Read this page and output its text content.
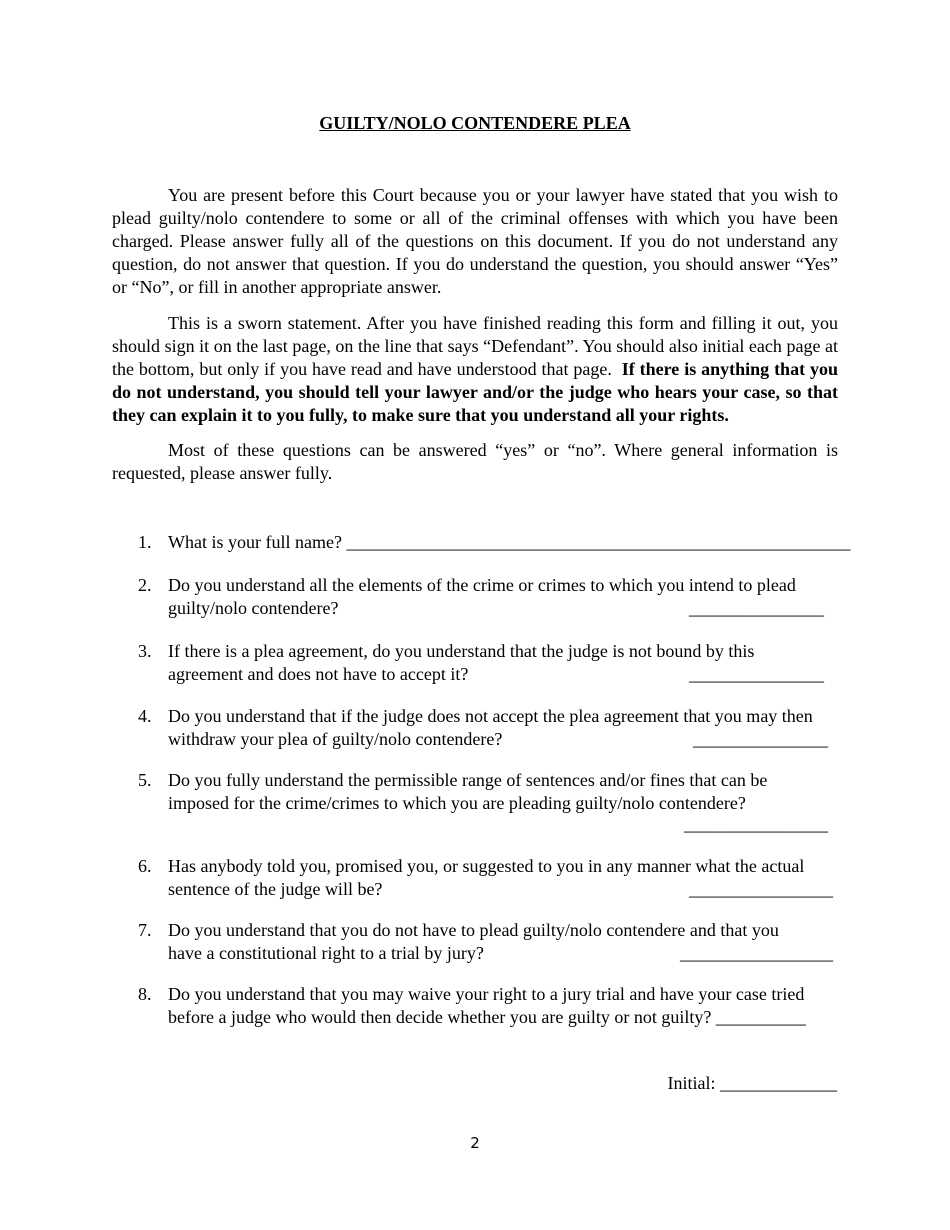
GUILTY/NOLO CONTENDERE PLEA

You are present before this Court because you or your lawyer have stated that you wish to plead guilty/nolo contendere to some or all of the criminal offenses with which you have been charged. Please answer fully all of the questions on this document. If you do not understand any question, do not answer that question. If you do understand the question, you should answer “Yes” or “No”, or fill in another appropriate answer.

This is a sworn statement. After you have finished reading this form and filling it out, you should sign it on the last page, on the line that says “Defendant”. You should also initial each page at the bottom, but only if you have read and have understood that page. If there is anything that you do not understand, you should tell your lawyer and/or the judge who hears your case, so that they can explain it to you fully, to make sure that you understand all your rights.

Most of these questions can be answered “yes” or “no”. Where general information is requested, please answer fully.

1. What is your full name? ________________________________________________________
2. Do you understand all the elements of the crime or crimes to which you intend to plead
guilty/nolo contendere?	_______________
3. If there is a plea agreement, do you understand that the judge is not bound by this
agreement and does not have to accept it?	_______________
4. Do you understand that if the judge does not accept the plea agreement that you may then
withdraw your plea of guilty/nolo contendere?	_______________
5. Do you fully understand the permissible range of sentences and/or fines that can be
imposed for the crime/crimes to which you are pleading guilty/nolo contendere?
________________
6. Has anybody told you, promised you, or suggested to you in any manner what the actual
sentence of the judge will be?	________________
7. Do you understand that you do not have to plead guilty/nolo contendere and that you
have a constitutional right to a trial by jury?	_________________
8. Do you understand that you may waive your right to a jury trial and have your case tried
before a judge who would then decide whether you are guilty or not guilty? __________
Initial: _____________
2
